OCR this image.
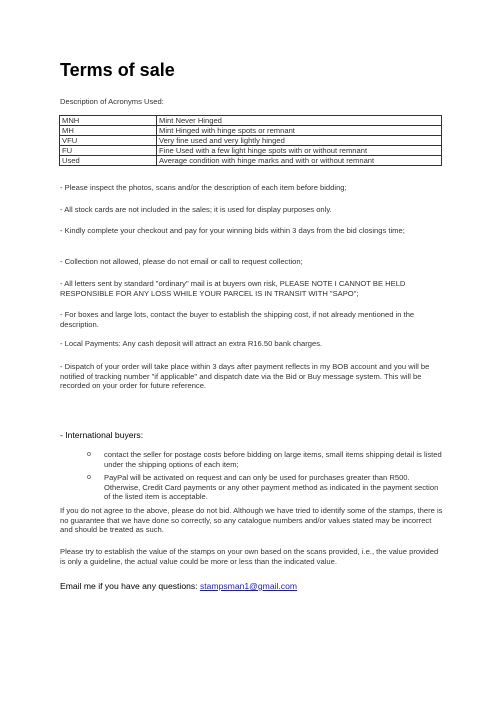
Terms of sale
Description of Acronyms Used:
MNH	Mint Never Hinged
MH	Mint Hinged with hinge spots or remnant
VFU	Very fine used and very lightly hinged
FU	Fine Used with a few light hinge spots with or without remnant
Used	Average condition with hinge marks and with or without remnant

- Please inspect the photos, scans and/or the description of each item before bidding;

- All stock cards are not included in the sales; it is used for display purposes only.

- Kindly complete your checkout and pay for your winning bids within 3 days from the bid closings time;

- Collection not allowed, please do not email or call to request collection;

- All letters sent by standard "ordinary" mail is at buyers own risk, PLEASE NOTE I CANNOT BE HELD RESPONSIBLE FOR ANY LOSS WHILE YOUR PARCEL IS IN TRANSIT WITH "SAPO";

- For boxes and large lots, contact the buyer to establish the shipping cost, if not already mentioned in the description.

- Local Payments: Any cash deposit will attract an extra R16.50 bank charges.

- Dispatch of your order will take place within 3 days after payment reflects in my BOB account and you will be notified of tracking number "if applicable" and dispatch date via the Bid or Buy message system. This will be recorded on your order for future reference.

- International buyers:
o contact the seller for postage costs before bidding on large items, small items shipping detail is listed under the shipping options of each item;
o PayPal will be activated on request and can only be used for purchases greater than R500. Otherwise, Credit Card payments or any other payment method as indicated in the payment section of the listed item is acceptable.

If you do not agree to the above, please do not bid. Although we have tried to identify some of the stamps, there is no guarantee that we have done so correctly, so any catalogue numbers and/or values stated may be incorrect and should be treated as such.

Please try to establish the value of the stamps on your own based on the scans provided, i.e., the value provided is only a guideline, the actual value could be more or less than the indicated value.

Email me if you have any questions: stampsman1@gmail.com
